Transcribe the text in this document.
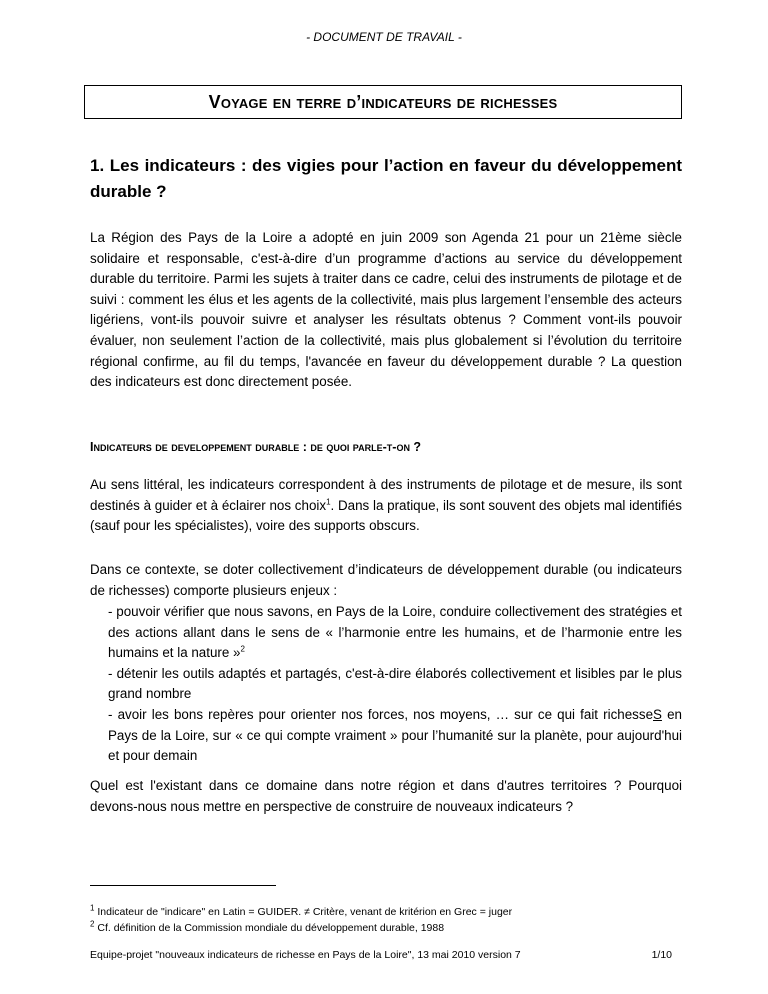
- DOCUMENT DE TRAVAIL -
Voyage en terre d’indicateurs de richesses
1. Les indicateurs : des vigies pour l’action en faveur du développement durable ?

La Région des Pays de la Loire a adopté en juin 2009 son Agenda 21 pour un 21ème siècle solidaire et responsable, c'est-à-dire d’un programme d’actions au service du développement durable du territoire. Parmi les sujets à traiter dans ce cadre, celui des instruments de pilotage et de suivi : comment les élus et les agents de la collectivité, mais plus largement l’ensemble des acteurs ligériens, vont-ils pouvoir suivre et analyser les résultats obtenus ? Comment vont-ils pouvoir évaluer, non seulement l’action de la collectivité, mais plus globalement si l’évolution du territoire régional confirme, au fil du temps, l'avancée en faveur du développement durable ? La question des indicateurs est donc directement posée.

Indicateurs de developpement durable : de quoi parle-t-on ?

Au sens littéral, les indicateurs correspondent à des instruments de pilotage et de mesure, ils sont destinés à guider et à éclairer nos choix$^1$. Dans la pratique, ils sont souvent des objets mal identifiés (sauf pour les spécialistes), voire des supports obscurs.

Dans ce contexte, se doter collectivement d’indicateurs de développement durable (ou indicateurs de richesses) comporte plusieurs enjeux :

- pouvoir vérifier que nous savons, en Pays de la Loire, conduire collectivement des stratégies et des actions allant dans le sens de « l’harmonie entre les humains, et de l’harmonie entre les humains et la nature »$^2$
- détenir les outils adaptés et partagés, c'est-à-dire élaborés collectivement et lisibles par le plus grand nombre
- avoir les bons repères pour orienter nos forces, nos moyens, … sur ce qui fait richesseS en Pays de la Loire, sur « ce qui compte vraiment » pour l’humanité sur la planète, pour aujourd'hui et pour demain

Quel est l'existant dans ce domaine dans notre région et dans d'autres territoires ? Pourquoi devons-nous nous mettre en perspective de construire de nouveaux indicateurs ?

$^1$ Indicateur de "indicare" en Latin = GUIDER. ≠ Critère, venant de kritérion en Grec = juger
$^2$ Cf. définition de la Commission mondiale du développement durable, 1988
Equipe-projet "nouveaux indicateurs de richesse en Pays de la Loire", 13 mai 2010 version 7	1/10
